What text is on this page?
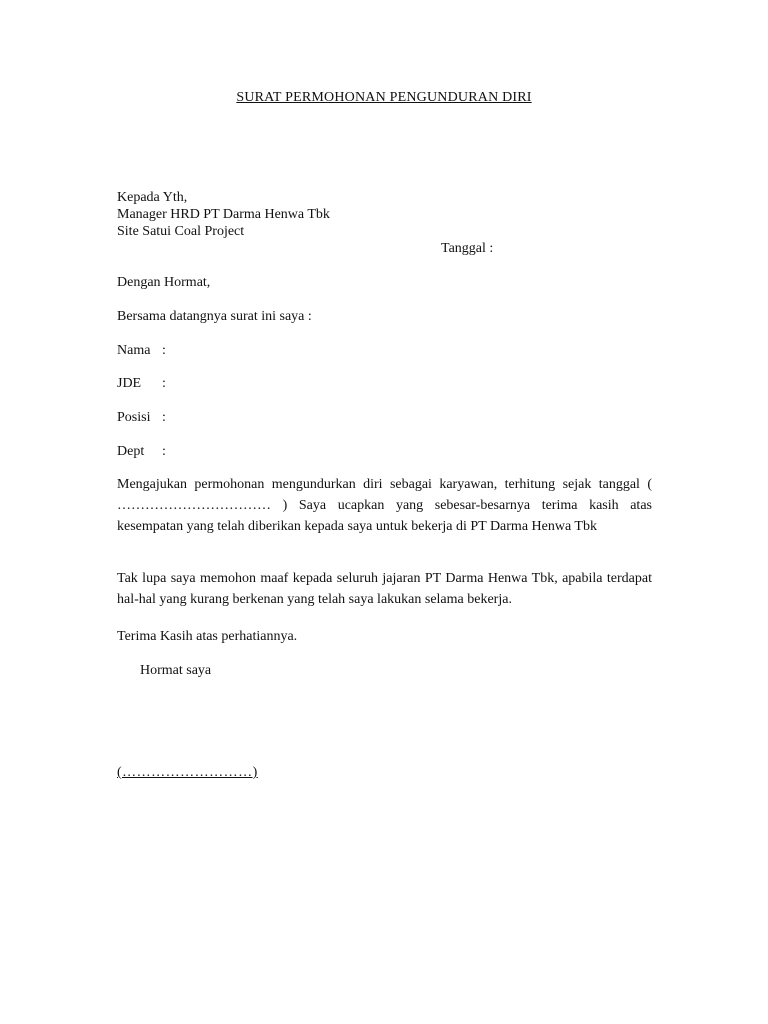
SURAT PERMOHONAN PENGUNDURAN DIRI
Kepada Yth,
Manager HRD PT Darma Henwa Tbk
Site Satui Coal Project
Tanggal :
Dengan Hormat,
Bersama datangnya surat ini saya :
Nama :
JDE :
Posisi :
Dept :
Mengajukan permohonan mengundurkan diri sebagai karyawan, terhitung sejak tanggal ( …………………………… ) Saya ucapkan yang sebesar-besarnya terima kasih atas kesempatan yang telah diberikan kepada saya untuk bekerja di PT Darma Henwa Tbk
Tak lupa saya memohon maaf kepada seluruh jajaran PT Darma Henwa Tbk, apabila terdapat hal-hal yang kurang berkenan yang telah saya lakukan selama bekerja.
Terima Kasih atas perhatiannya.
Hormat saya
(………………………)
